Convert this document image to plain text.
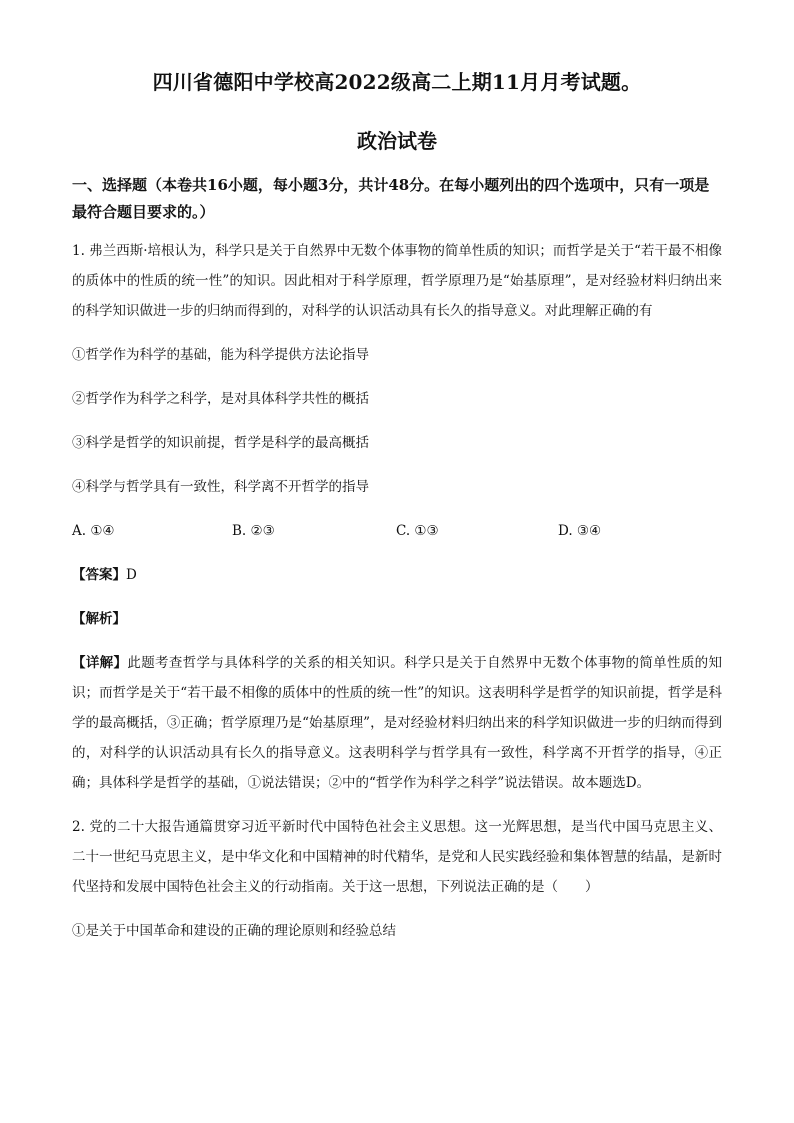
四川省德阳中学校高2022级高二上期11月月考试题。
政治试卷
一、选择题（本卷共16小题，每小题3分，共计48分。在每小题列出的四个选项中，只有一项是最符合题目要求的。）
1. 弗兰西斯·培根认为，科学只是关于自然界中无数个体事物的简单性质的知识；而哲学是关于“若干最不相像的质体中的性质的统一性”的知识。因此相对于科学原理，哲学原理乃是“始基原理”，是对经验材料归纳出来的科学知识做进一步的归纳而得到的，对科学的认识活动具有长久的指导意义。对此理解正确的有
①哲学作为科学的基础，能为科学提供方法论指导
②哲学作为科学之科学，是对具体科学共性的概括
③科学是哲学的知识前提，哲学是科学的最高概括
④科学与哲学具有一致性，科学离不开哲学的指导
A. ①④	B. ②③	C. ①③	D. ③④
【答案】D
【解析】
【详解】此题考查哲学与具体科学的关系的相关知识。科学只是关于自然界中无数个体事物的简单性质的知识；而哲学是关于“若干最不相像的质体中的性质的统一性”的知识。这表明科学是哲学的知识前提，哲学是科学的最高概括，③正确；哲学原理乃是“始基原理”，是对经验材料归纳出来的科学知识做进一步的归纳而得到的，对科学的认识活动具有长久的指导意义。这表明科学与哲学具有一致性，科学离不开哲学的指导，④正确；具体科学是哲学的基础，①说法错误；②中的“哲学作为科学之科学”说法错误。故本题选D。
2. 党的二十大报告通篇贯穿习近平新时代中国特色社会主义思想。这一光辉思想，是当代中国马克思主义、二十一世纪马克思主义，是中华文化和中国精神的时代精华，是党和人民实践经验和集体智慧的结晶，是新时代坚持和发展中国特色社会主义的行动指南。关于这一思想，下列说法正确的是（　　）
①是关于中国革命和建设的正确的理论原则和经验总结
